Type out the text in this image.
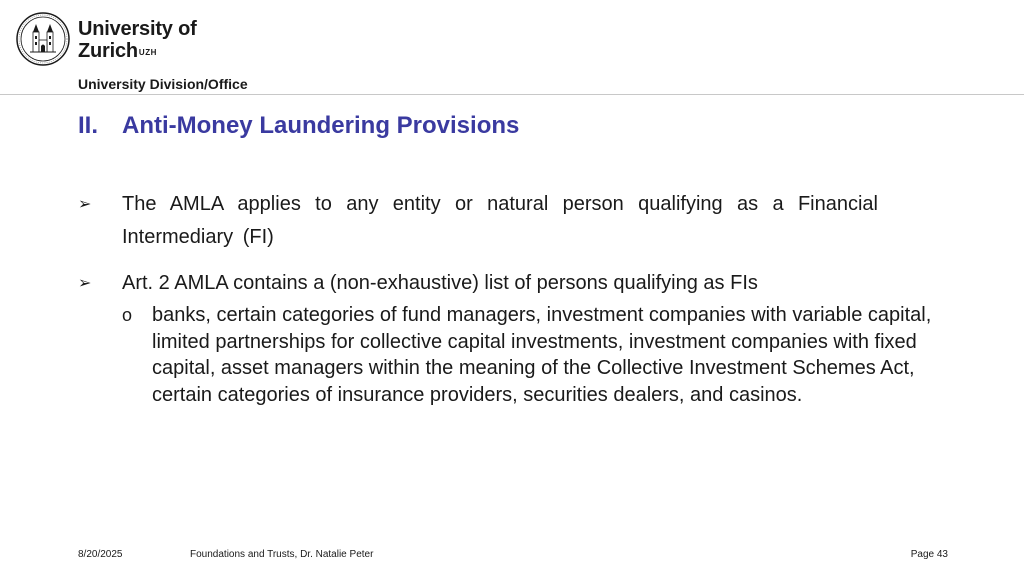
University of
Zurich$^{UZH}$
University Division/Office
II. Anti-Money Laundering Provisions
➢ The AMLA applies to any entity or natural person qualifying as a Financial Intermediary (FI)
➢ Art. 2 AMLA contains a (non-exhaustive) list of persons qualifying as FIs
o banks, certain categories of fund managers, investment companies with variable capital, limited partnerships for collective capital investments, investment companies with fixed capital, asset managers within the meaning of the Collective Investment Schemes Act, certain categories of insurance providers, securities dealers, and casinos.
8/20/2025	Foundations and Trusts, Dr. Natalie Peter	Page 43
